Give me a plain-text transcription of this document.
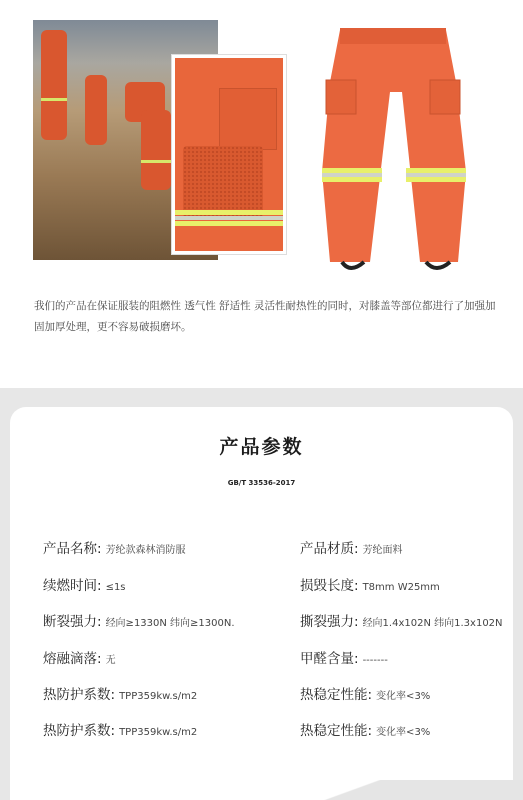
我们的产品在保证服装的阻燃性 透气性 舒适性 灵活性耐热性的同时，对膝盖等部位都进行了加强加固加厚处理，更不容易破损磨坏。
产品参数
GB/T 33536-2017
产品名称: 芳纶款森林消防服	产品材质: 芳纶面料
续燃时间: ≤1s	损毁长度: T8mm W25mm
断裂强力: 经向≥1330N 纬向≥1300N.	撕裂强力: 经向1.4x102N 纬向1.3x102N
熔融滴落: 无	甲醛含量: -------
热防护系数: TPP359kw.s/m2	热稳定性能: 变化率<3%
热防护系数: TPP359kw.s/m2	热稳定性能: 变化率<3%
